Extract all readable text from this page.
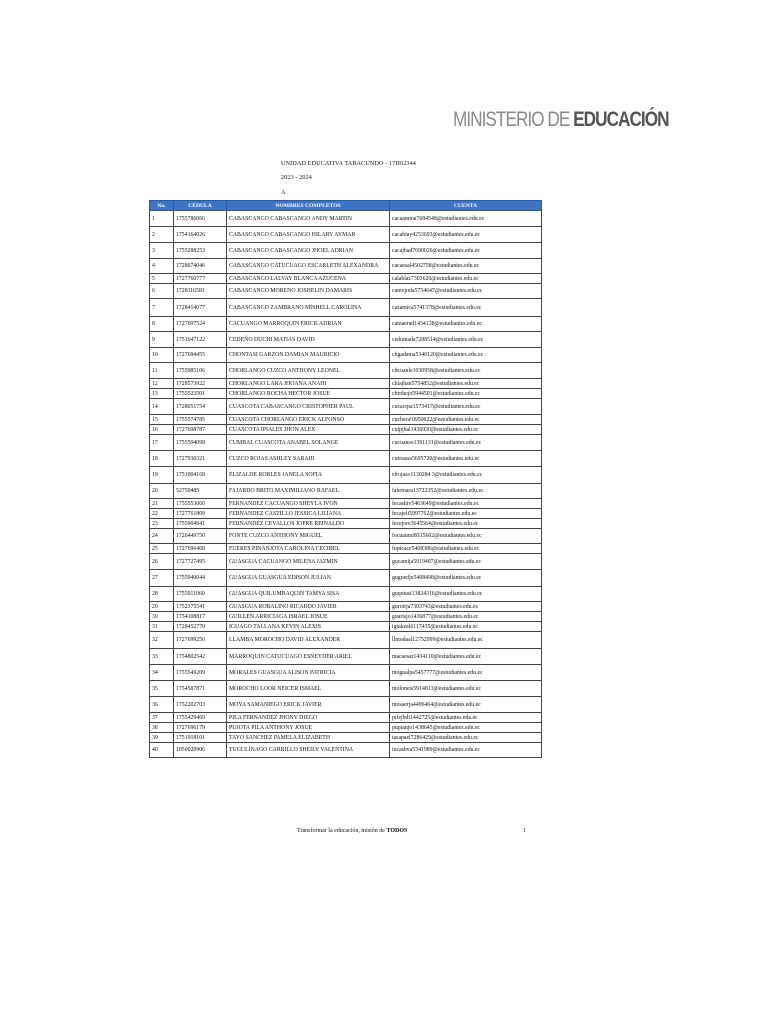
MINISTERIO DE EDUCACIÓN
UNIDAD EDUCATIVA TABACUNDO - 17H02344
2023 - 2024
A
No.	CÉDULA	NOMBRES COMPLETOS	CUENTA
1	1755786066	CABASCANGO CABASCANGO ANDY MARTIN	cacaamma7684548@estudiantes.edu.ec
2	1754164026	CABASCANGO CABASCANGO HILARY AYMAR	cacahiay4253693@estudiantes.edu.ec
3	1755288253	CABASCANGO CABASCANGO JHOEL ADRIAN	cacajhad7690026@estudiantes.edu.ec
4	1728074046	CABASCANGO CATUCUAGO ESCARLETH ALEXANDRA	cacaesal4502758@estudiantes.edu.ec
5	1727760777	CABASCANGO LALVAY BLANCA AZUCENA	calablaz7303620@estudiantes.edu.ec
6	1728116581	CABASCANGO MORENO JOSHELIN DAMARIS	camojoda5754647@estudiantes.edu.ec
7	1728414077	CABASCANGO ZAMBRANO MISHELL CAROLINA	cazamica5741378@estudiantes.edu.ec
8	1727697524	CACUANGO MARROQUIN ERICK ADRIAN	camaerad1434138@estudiantes.edu.ec
9	1751647122	CEDEÑO DUCHI MATIAS DAVID	cedumada7288514@estudiantes.edu.ec
10	1727694455	CHONTASI GARZON DAMIAN MAURICIO	chgadama5340120@estudiantes.edu.ec
11	1755985106	CHORLANGO CUZCO ANTHONY LEONEL	chcuanle1030958@estudiantes.edu.ec
12	1728573922	CHORLANGO LARA JHOANA ANAHI	chlajhan5754852@estudiantes.edu.ec
13	1755523501	CHORLANGO ROCHA HECTOR JOSUE	chrohejo5944501@estudiantes.edu.ec
14	1728051754	CUASCOTA CABASCANGO CRISTOPHER PAUL	cucacrpa1573417@estudiantes.edu.ec
15	1755574785	CUASCOTA CHORLANGO ERICK ALFONSO	cuchera!0950622@estudiantes.edu.ec
16	1727698787	CUASCOTA IPIALES JHON ALEX	cuipjhal1436930@estudiantes.edu.ec
17	1755594098	CUMBAL CUASCOTA ANABEL SOLANGE	cucuanso1391131@estudiantes.edu.ec
18	1727930321	CUZCO ROJAS ASHLEY SARAHI	curoassa5695720@estudiantes.edu.ec
19	1751904168	ELIZALDE ROBLES JANELA SOFIA	elrojaso1130284 3@estudiantes.edu.ec
20	52750485	FAJARDO BRITO MAXIMILIANO RAFAEL	fabrmara13722352@estudiantes.edu.ec
21	1755553060	FERNANDEZ CACUANGO SHEYLA IVON	fecashiv5463649@estudiantes.edu.ec
22	1727761809	FERNANDEZ CASTILLO JESSICA LILIANA	fecajeli5997762@estudiantes.edu.ec
23	1755904941	FERNANDEZ CEVALLOS JOFRE REINALDO	fecejore3645564@estudiantes.edu.ec
24	1726449750	FONTE CUZCO ANTHONY MIGUEL	focuanmi8315602@estudiantes.edu.ec
25	1727696468	FUERES PINANJOTA CAROLINA CECIBEL	fupicace5408386@estudiantes.edu.ec
26	1727727495	GUASGUA CACUANGO MILENA JAZMIN	gucamija5919407@estudiantes.edu.ec
27	1755940044	GUASGUA GUASGUA EDISON JULIAN	guguedju5408498@estudiantes.edu.ec
28	1755911060	GUASGUA QUILUMBAQUIN TAMYA SISA	guqutasi13824316@estudiantes.edu.ec
29	1752375541	GUASGUA ROBALINO RICARDO JAVIER	guroirja7303743@estudiantes.edu.ec
30	1754108817	GUILLEN ARRICIAGA ISRAEL JOSUE	guarisjo1436877@estudiantes.edu.ec
31	1728452770	IGUAGO TALLANA KEVIN ALEXIS	igtakeal6117435@estudiantes.edu.ec
32	1727699256	LLAMBA MOROCHO DAVID ALEXANDER	llmodaal12752999@estudiantes.edu.ec
33	1754802542	MARROQUIN CATUCUAGO ESNEYDER ARIEL	macaesar1434110@estudiantes.edu.ec
34	1755549209	MORALES GUASGUA ALISON PATRICIA	mogualpa5457777@estudiantes.edu.ec
35	1754587871	MOROCHO LOOR NEICER ISMAEL	moloneis5914813@estudiantes.edu.ec
36	1752202703	MOYA SAMANIEGO ERICK JAVIER	mosaerja4496464@estudiantes.edu.ec
37	1755429469	PILA FERNANDEZ JHONY DIEGO	pifejhdi1442725@estudiantes.edu.ec
38	1727696179	PUJOTA PILA ANTHONY JOSUE	pupianjo1438645@estudiantes.edu.ec
39	1751918101	TAYO SANCHEZ PAMELA ELIZABETH	tasapael7286429@estudiantes.edu.ec
40	1050020906	TUGULINAGO CARRILLO SHEILY VALENTINA	tucashva5341989@estudiantes.edu.ec
Transformar la educación, misión de TODOS	1
